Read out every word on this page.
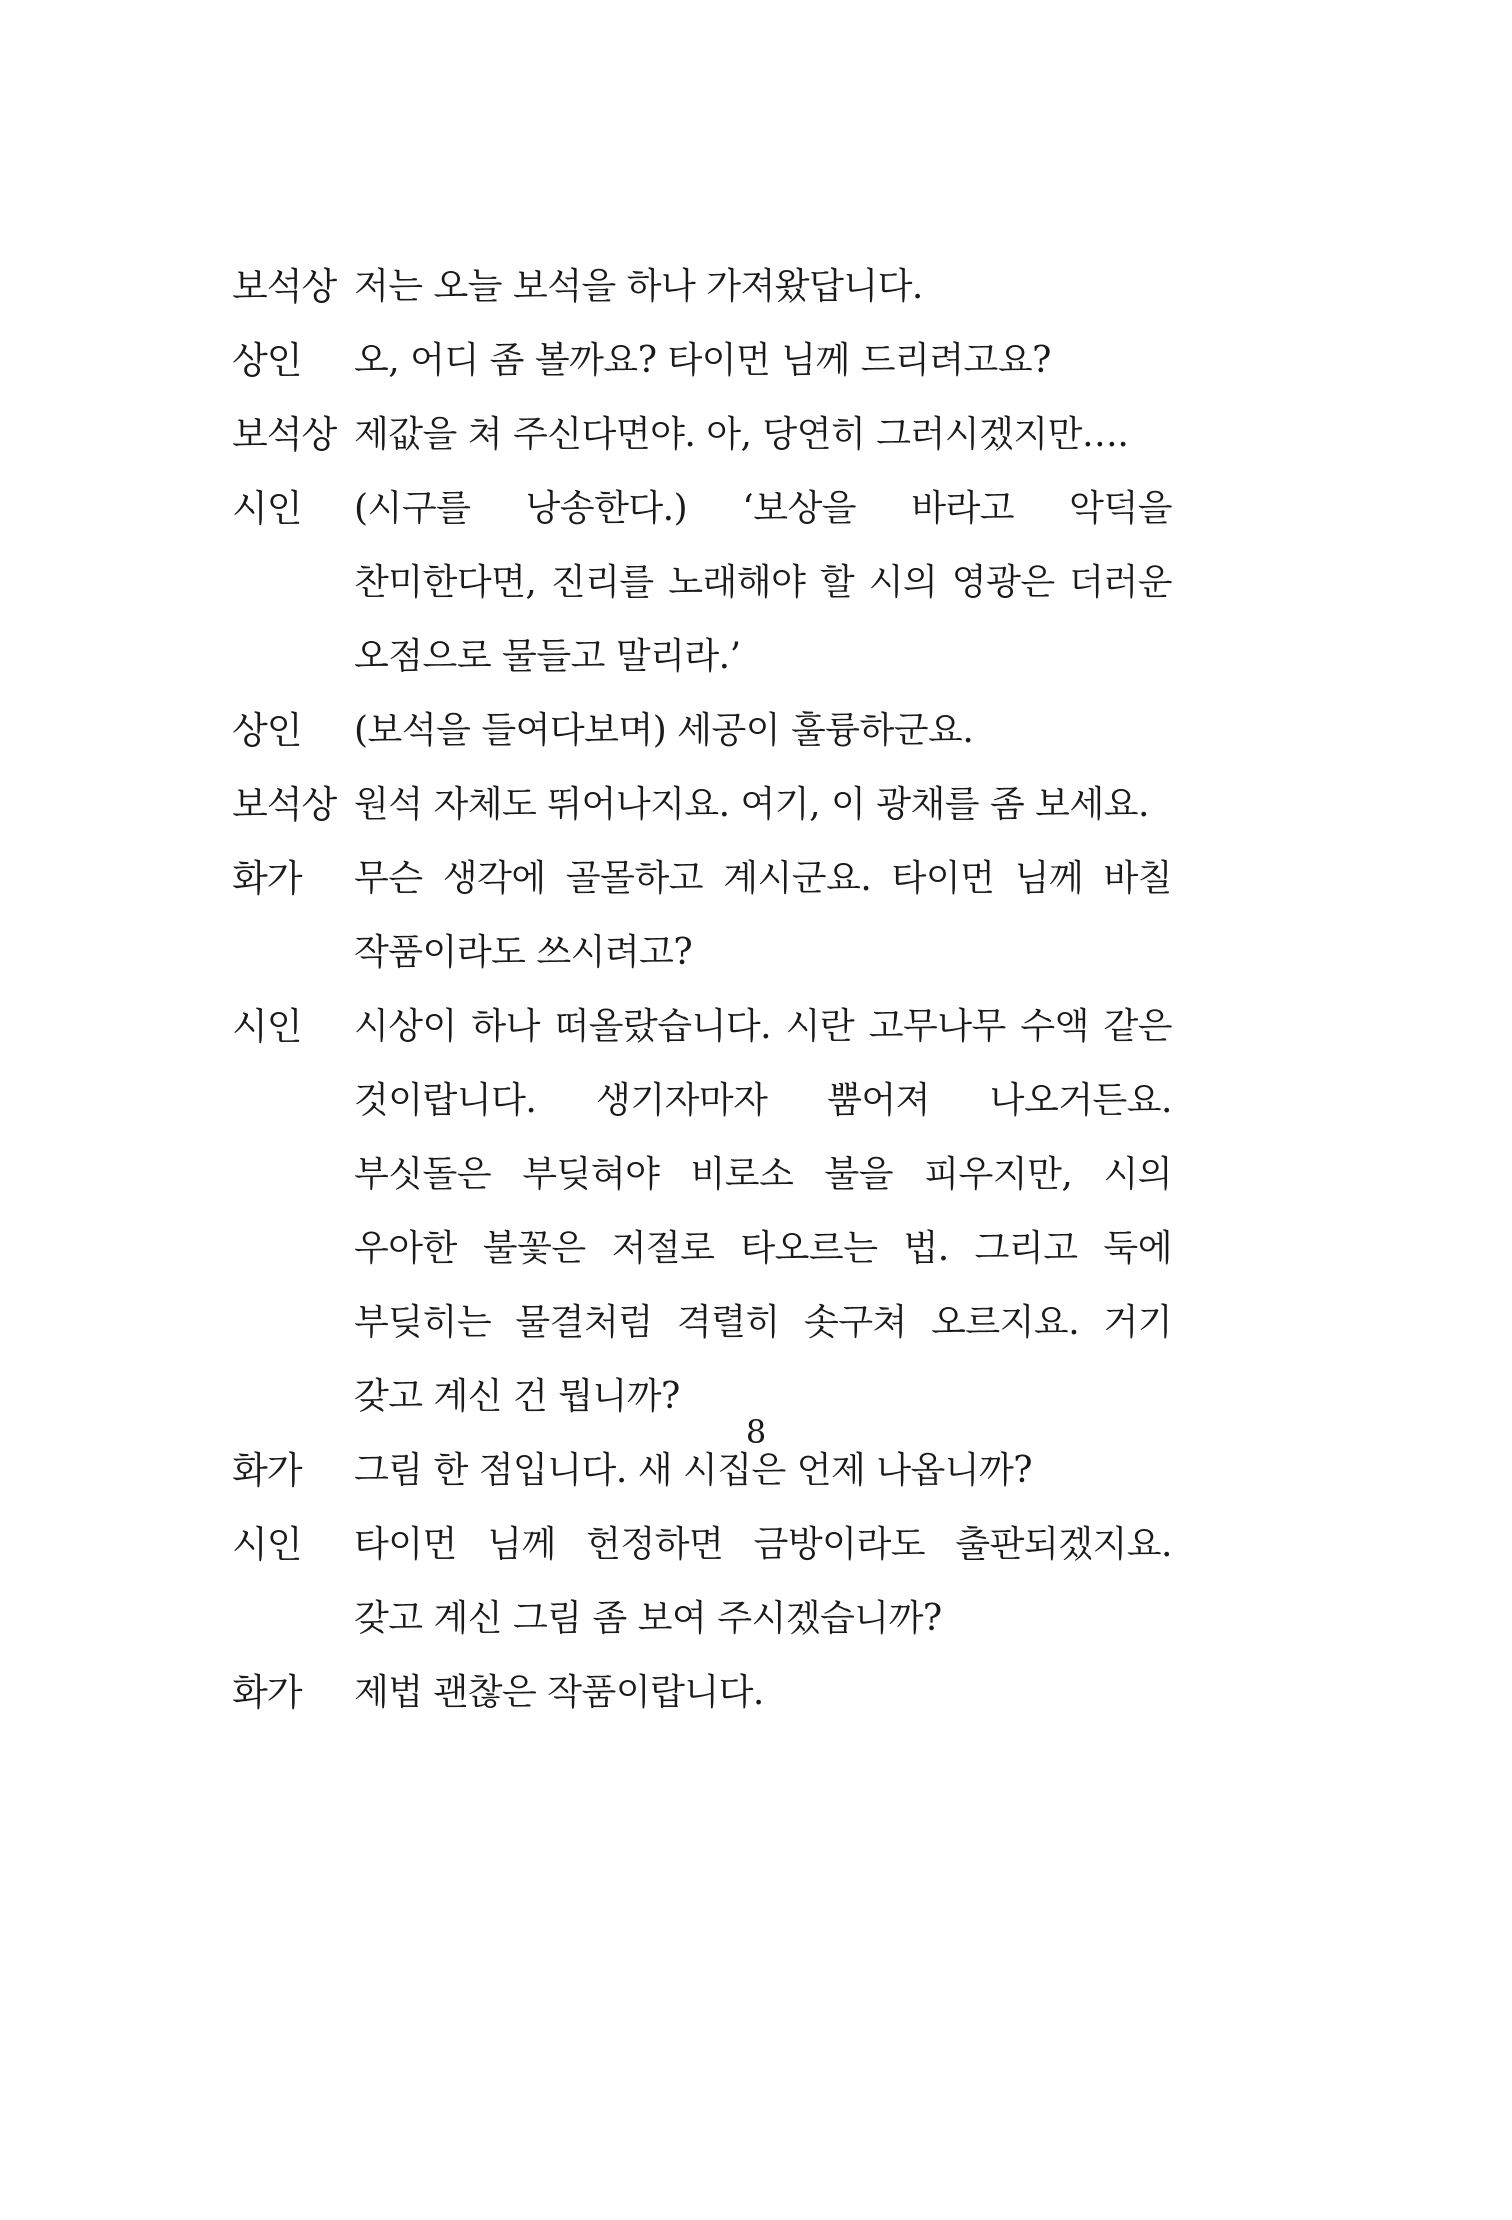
보석상 저는 오늘 보석을 하나 가져왔답니다.
상인	오, 어디 좀 볼까요? 타이먼 님께 드리려고요?
보석상 제값을 쳐 주신다면야. 아, 당연히 그러시겠지만….
시인	(시구를 낭송한다.) ‘보상을 바라고 악덕을 찬미한다면, 진리를 노래해야 할 시의 영광은 더러운 오점으로 물들고 말리라.’
상인	(보석을 들여다보며) 세공이 훌륭하군요.
보석상 원석 자체도 뛰어나지요. 여기, 이 광채를 좀 보세요.
화가	무슨 생각에 골몰하고 계시군요. 타이먼 님께 바칠 작품이라도 쓰시려고?
시인	시상이 하나 떠올랐습니다. 시란 고무나무 수액 같은 것이랍니다. 생기자마자 뿜어져 나오거든요. 부싯돌은 부딪혀야 비로소 불을 피우지만, 시의 우아한 불꽃은 저절로 타오르는 법. 그리고 둑에 부딪히는 물결처럼 격렬히 솟구쳐 오르지요. 거기 갖고 계신 건 뭡니까?
화가	그림 한 점입니다. 새 시집은 언제 나옵니까?
시인	타이먼 님께 헌정하면 금방이라도 출판되겠지요. 갖고 계신 그림 좀 보여 주시겠습니까?
화가	제법 괜찮은 작품이랍니다.
8
